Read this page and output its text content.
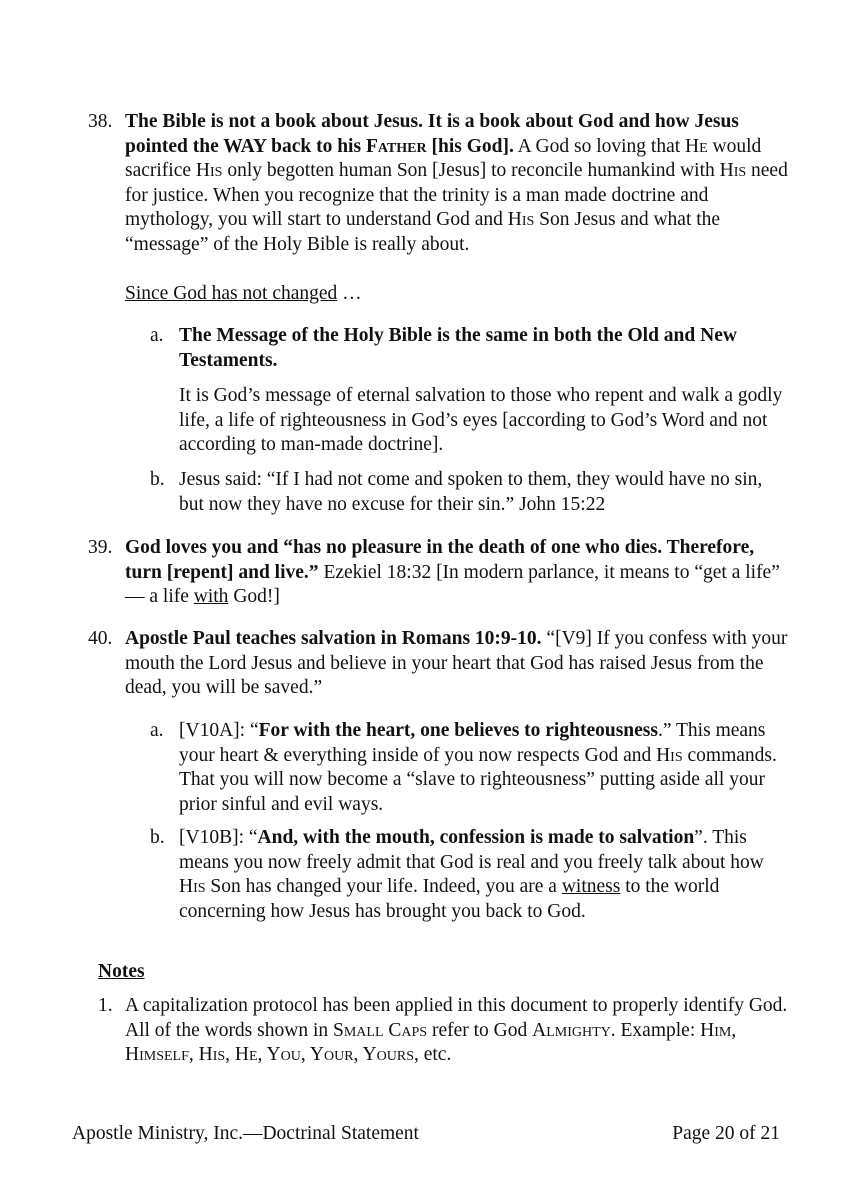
38. The Bible is not a book about Jesus. It is a book about God and how Jesus pointed the WAY back to his Father [his God]. A God so loving that He would sacrifice His only begotten human Son [Jesus] to reconcile humankind with His need for justice. When you recognize that the trinity is a man made doctrine and mythology, you will start to understand God and His Son Jesus and what the “message” of the Holy Bible is really about.
Since God has not changed …
a. The Message of the Holy Bible is the same in both the Old and New Testaments.
It is God’s message of eternal salvation to those who repent and walk a godly life, a life of righteousness in God’s eyes [according to God’s Word and not according to man-made doctrine].
b. Jesus said: “If I had not come and spoken to them, they would have no sin, but now they have no excuse for their sin.” John 15:22
39. God loves you and “has no pleasure in the death of one who dies. Therefore, turn [repent] and live.” Ezekiel 18:32 [In modern parlance, it means to “get a life” — a life with God!]
40. Apostle Paul teaches salvation in Romans 10:9-10. “[V9] If you confess with your mouth the Lord Jesus and believe in your heart that God has raised Jesus from the dead, you will be saved.”
a. [V10A]: “For with the heart, one believes to righteousness.” This means your heart & everything inside of you now respects God and His commands. That you will now become a “slave to righteousness” putting aside all your prior sinful and evil ways.
b. [V10B]: “And, with the mouth, confession is made to salvation”. This means you now freely admit that God is real and you freely talk about how His Son has changed your life. Indeed, you are a witness to the world concerning how Jesus has brought you back to God.
Notes
1. A capitalization protocol has been applied in this document to properly identify God. All of the words shown in Small Caps refer to God Almighty. Example: Him, Himself, His, He, You, Your, Yours, etc.
Apostle Ministry, Inc.—Doctrinal Statement	Page 20 of 21
